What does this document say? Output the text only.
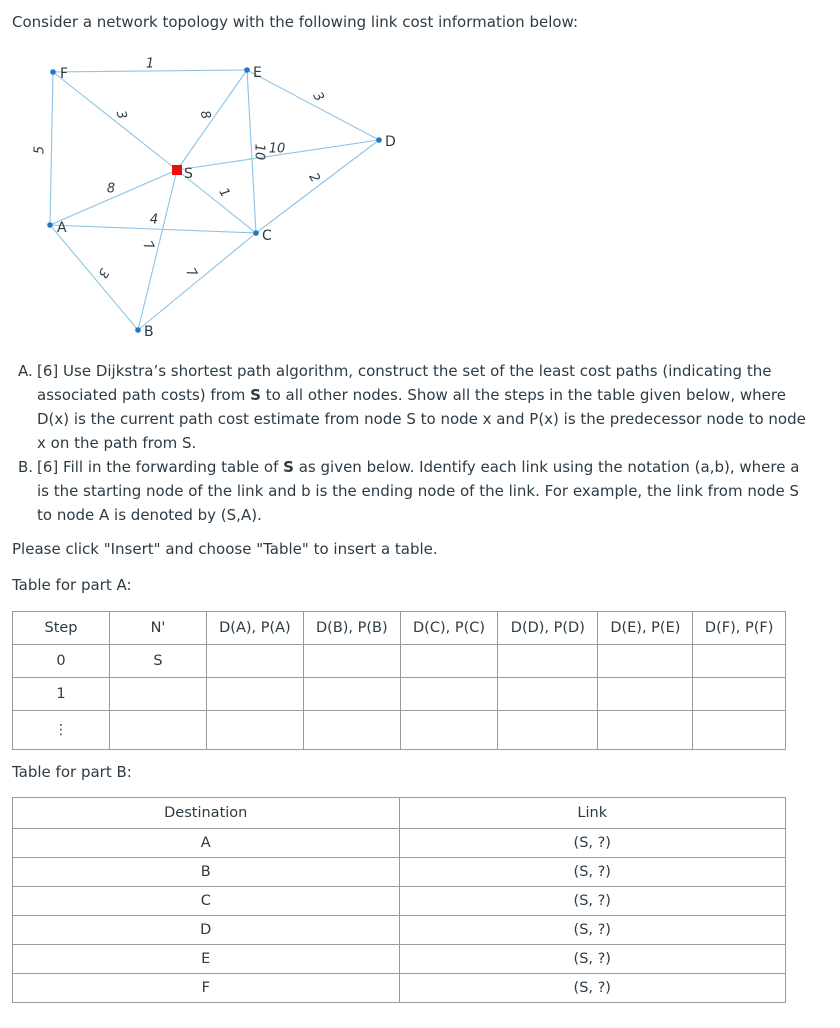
Consider a network topology with the following link cost information below:
1
3
5
3
8
10 10
2
8	1
7
4
3	7
F	E
D
S
A	C
B
A. [6] Use Dijkstra’s shortest path algorithm, construct the set of the least cost paths (indicating the associated path costs) from S to all other nodes. Show all the steps in the table given below, where D(x) is the current path cost estimate from node S to node x and P(x) is the predecessor node to node x on the path from S.
B. [6] Fill in the forwarding table of S as given below. Identify each link using the notation (a,b), where a is the starting node of the link and b is the ending node of the link. For example, the link from node S to node A is denoted by (S,A).
Please click "Insert" and choose "Table" to insert a table.
Table for part A:
Step	N'	D(A), P(A)	D(B), P(B)	D(C), P(C)	D(D), P(D)	D(E), P(E)	D(F), P(F)
0	S						
1							
⋮							
Table for part B:
Destination	Link
A	(S, ?)
B	(S, ?)
C	(S, ?)
D	(S, ?)
E	(S, ?)
F	(S, ?)
